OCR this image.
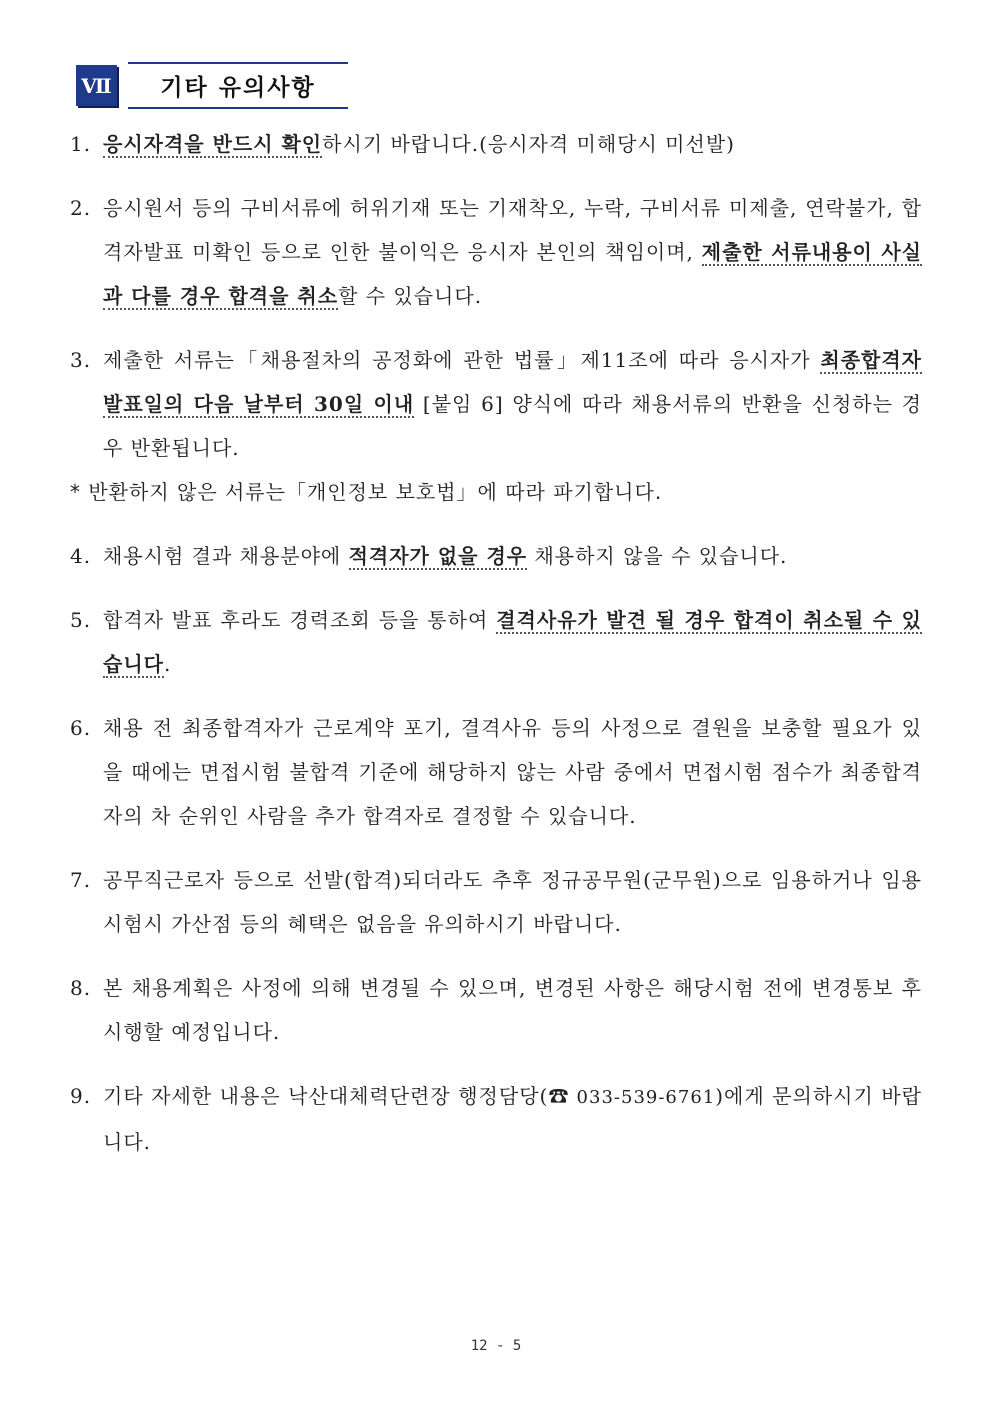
Ⅶ	기타 유의사항

1. 응시자격을 반드시 확인하시기 바랍니다.(응시자격 미해당시 미선발)

2. 응시원서 등의 구비서류에 허위기재 또는 기재착오, 누락, 구비서류 미제출, 연락불가, 합격자발표 미확인 등으로 인한 불이익은 응시자 본인의 책임이며, 제출한 서류내용이 사실과 다를 경우 합격을 취소할 수 있습니다.

3. 제출한 서류는「채용절차의 공정화에 관한 법률」제11조에 따라 응시자가 최종합격자 발표일의 다음 날부터 30일 이내 [붙임 6] 양식에 따라 채용서류의 반환을 신청하는 경우 반환됩니다.

* 반환하지 않은 서류는「개인정보 보호법」에 따라 파기합니다.

4. 채용시험 결과 채용분야에 적격자가 없을 경우 채용하지 않을 수 있습니다.

5. 합격자 발표 후라도 경력조회 등을 통하여 결격사유가 발견 될 경우 합격이 취소될 수 있습니다.

6. 채용 전 최종합격자가 근로계약 포기, 결격사유 등의 사정으로 결원을 보충할 필요가 있을 때에는 면접시험 불합격 기준에 해당하지 않는 사람 중에서 면접시험 점수가 최종합격자의 차 순위인 사람을 추가 합격자로 결정할 수 있습니다.

7. 공무직근로자 등으로 선발(합격)되더라도 추후 정규공무원(군무원)으로 임용하거나 임용시험시 가산점 등의 혜택은 없음을 유의하시기 바랍니다.

8. 본 채용계획은 사정에 의해 변경될 수 있으며, 변경된 사항은 해당시험 전에 변경통보 후 시행할 예정입니다.

9. 기타 자세한 내용은 낙산대체력단련장 행정담당(☎ 033-539-6761)에게 문의하시기 바랍니다.

12 - 5
